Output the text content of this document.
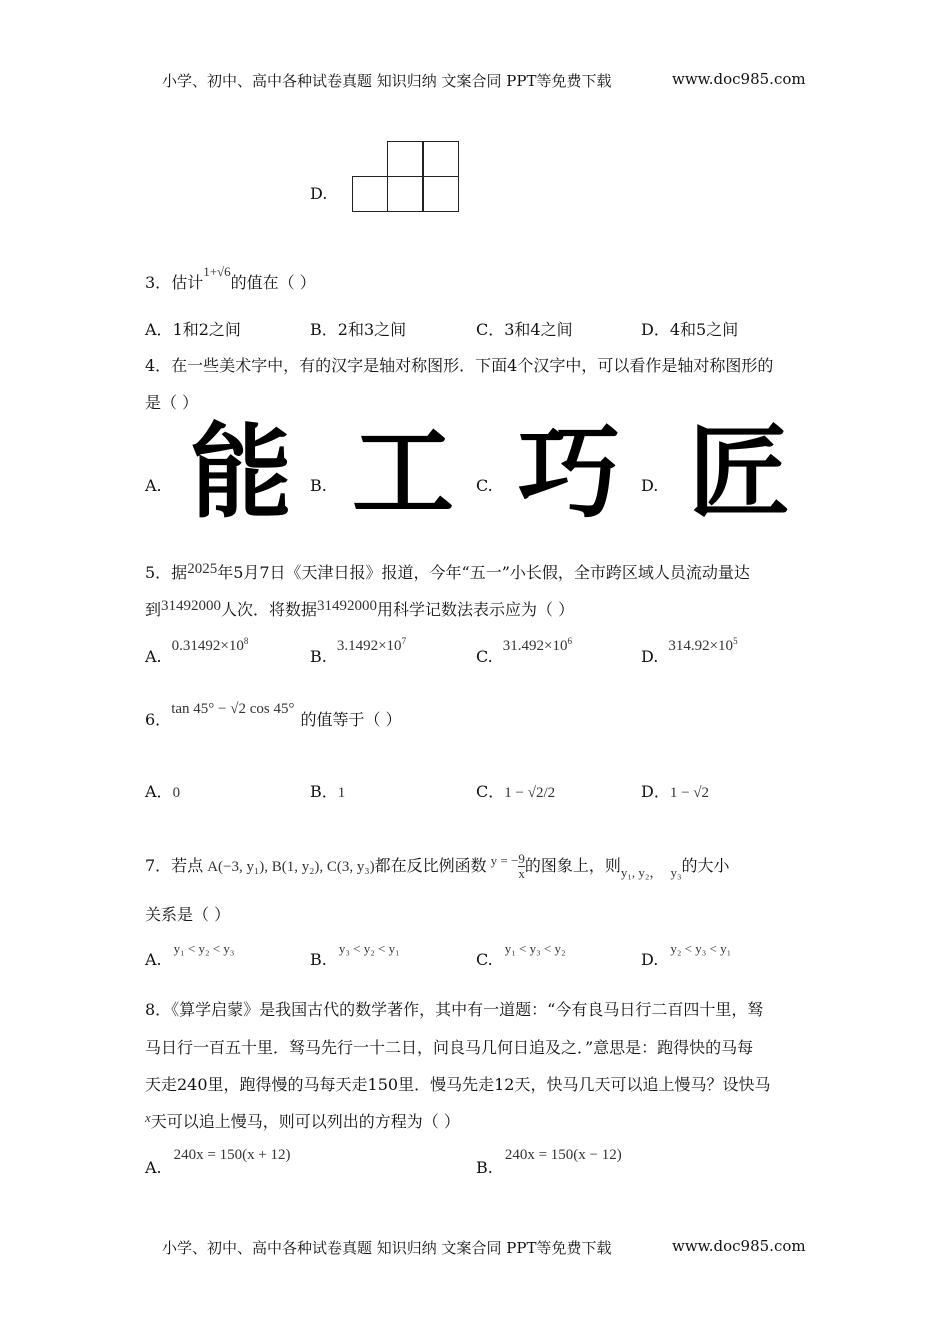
小学、初中、高中各种试卷真题 知识归纳 文案合同 PPT等免费下载	www.doc985.com
D.
3．估计$^{1+√6}$的值在（ ）
A．1和2之间	B．2和3之间	C．3和4之间	D．4和5之间
4．在一些美术字中，有的汉字是轴对称图形．下面4个汉字中，可以看作是轴对称图形的
是（ ）
A. 能 B. 工 C. 巧 D. 匠
5．据2025年5月7日《天津日报》报道，今年“五一”小长假，全市跨区域人员流动量达
到31492000人次．将数据31492000用科学记数法表示应为（ ）
$A.0.31492\times 10^8$
$B.3.1492\times 10^7$
$C.31.492\times 10^6$
$D.314.92\times 10^5$
6．tan 45° − √2 cos 45°的值等于（ ）
A．0	B．1	C．1 − √2/2	D．1 − √2
7．若点 A(−3, y₁), B(1, y₂), C(3, y₃)都在反比例函数 $^{y = -} \frac{9}{x}$ 的图象上，则$_{y_1, y_2,}$ $_{y_3}$的大小
关系是（ ）
A.$^{y_1 < y_2 < y_3}$
B.$^{y_3 < y_2 < y_1}$
C.$^{y_1 < y_3 < y_2}$
D.$^{y_2 < y_3 < y_1}$
8．《算学启蒙》是我国古代的数学著作，其中有一道题：“今有良马日行二百四十里，驽
马日行一百五十里．驽马先行一十二日，问良马几何日追及之．”意思是：跑得快的马每
天走240里，跑得慢的马每天走150里．慢马先走12天，快马几天可以追上慢马？设快马
$^x$天可以追上慢马，则可以列出的方程为（ ）
A.240x = 150(x + 12)
B.240x = 150(x − 12)
小学、初中、高中各种试卷真题 知识归纳 文案合同 PPT等免费下载	www.doc985.com
